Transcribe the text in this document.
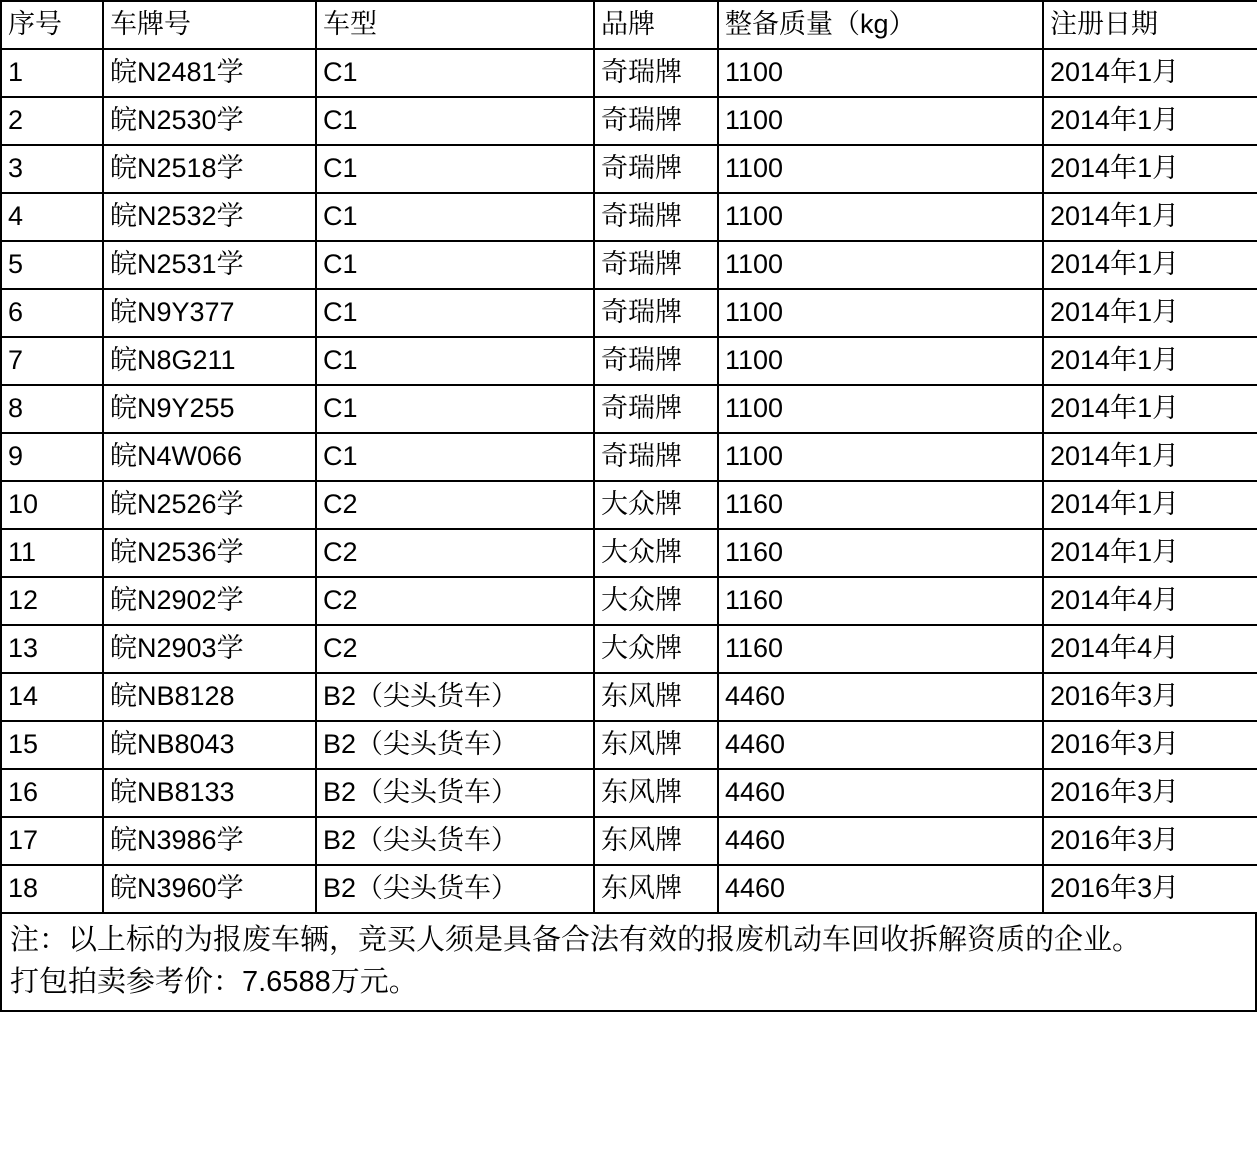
序号	车牌号	车型	品牌	整备质量（kg）	注册日期
1	皖N2481学	C1	奇瑞牌	1100	2014年1月
2	皖N2530学	C1	奇瑞牌	1100	2014年1月
3	皖N2518学	C1	奇瑞牌	1100	2014年1月
4	皖N2532学	C1	奇瑞牌	1100	2014年1月
5	皖N2531学	C1	奇瑞牌	1100	2014年1月
6	皖N9Y377	C1	奇瑞牌	1100	2014年1月
7	皖N8G211	C1	奇瑞牌	1100	2014年1月
8	皖N9Y255	C1	奇瑞牌	1100	2014年1月
9	皖N4W066	C1	奇瑞牌	1100	2014年1月
10	皖N2526学	C2	大众牌	1160	2014年1月
11	皖N2536学	C2	大众牌	1160	2014年1月
12	皖N2902学	C2	大众牌	1160	2014年4月
13	皖N2903学	C2	大众牌	1160	2014年4月
14	皖NB8128	B2（尖头货车）	东风牌	4460	2016年3月
15	皖NB8043	B2（尖头货车）	东风牌	4460	2016年3月
16	皖NB8133	B2（尖头货车）	东风牌	4460	2016年3月
17	皖N3986学	B2（尖头货车）	东风牌	4460	2016年3月
18	皖N3960学	B2（尖头货车）	东风牌	4460	2016年3月
注：以上标的为报废车辆，竞买人须是具备合法有效的报废机动车回收拆解资质的企业。
打包拍卖参考价：7.6588万元。
